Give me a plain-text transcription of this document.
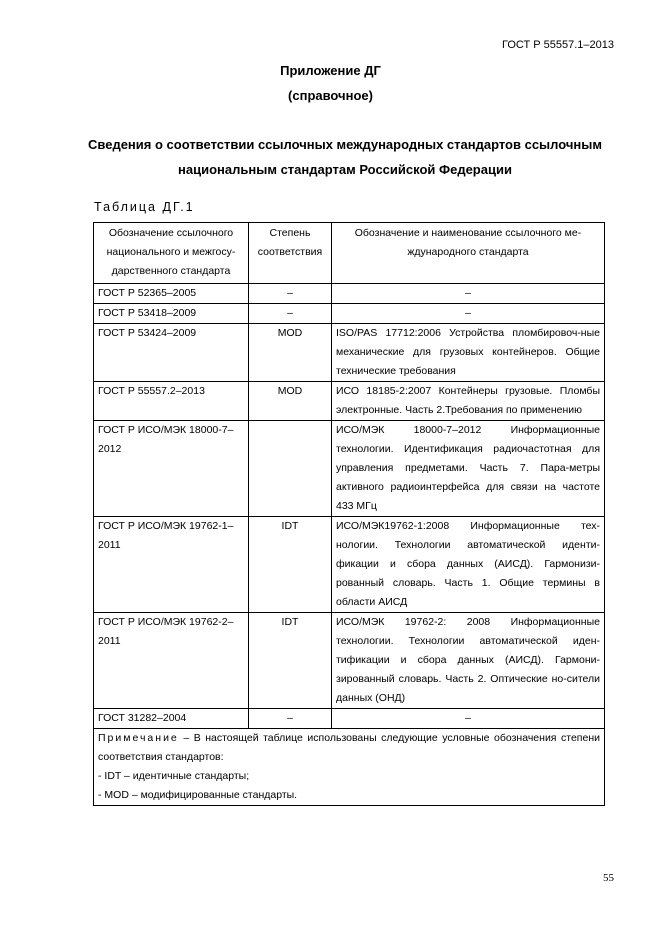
ГОСТ Р 55557.1–2013
Приложение ДГ
(справочное)
Сведения о соответствии ссылочных международных стандартов ссылочным национальным стандартам Российской Федерации
Таблица ДГ.1
Обозначение ссылочного национального и межгосу-дарственного стандарта	Степень соответствия	Обозначение и наименование ссылочного ме-ждународного стандарта
ГОСТ Р 52365–2005	–	–
ГОСТ Р 53418–2009	–	–
ГОСТ Р 53424–2009	MOD	ISO/PAS 17712:2006 Устройства пломбировоч-ные механические для грузовых контейнеров. Общие технические требования
ГОСТ Р 55557.2–2013	MOD	ИСО 18185-2:2007 Контейнеры грузовые. Пломбы электронные. Часть 2.Требования по применению
ГОСТ Р ИСО/МЭК 18000-7–2012		ИСО/МЭК 18000-7–2012 Информационные технологии. Идентификация радиочастотная для управления предметами. Часть 7. Пара-метры активного радиоинтерфейса для связи на частоте 433 МГц
ГОСТ Р ИСО/МЭК 19762-1–2011	IDT	ИСО/МЭК19762-1:2008 Информационные тех-нологии. Технологии автоматической иденти-фикации и сбора данных (АИСД). Гармонизи-рованный словарь. Часть 1. Общие термины в области АИСД
ГОСТ Р ИСО/МЭК 19762-2–2011	IDT	ИСО/МЭК 19762-2: 2008 Информационные технологии. Технологии автоматической иден-тификации и сбора данных (АИСД). Гармони-зированный словарь. Часть 2. Оптические но-сители данных (ОНД)
ГОСТ 31282–2004	–	–

Примечание – В настоящей таблице использованы следующие условные обозначения степени соответствия стандартов:
- IDT – идентичные стандарты;
- MOD – модифицированные стандарты.		
55
